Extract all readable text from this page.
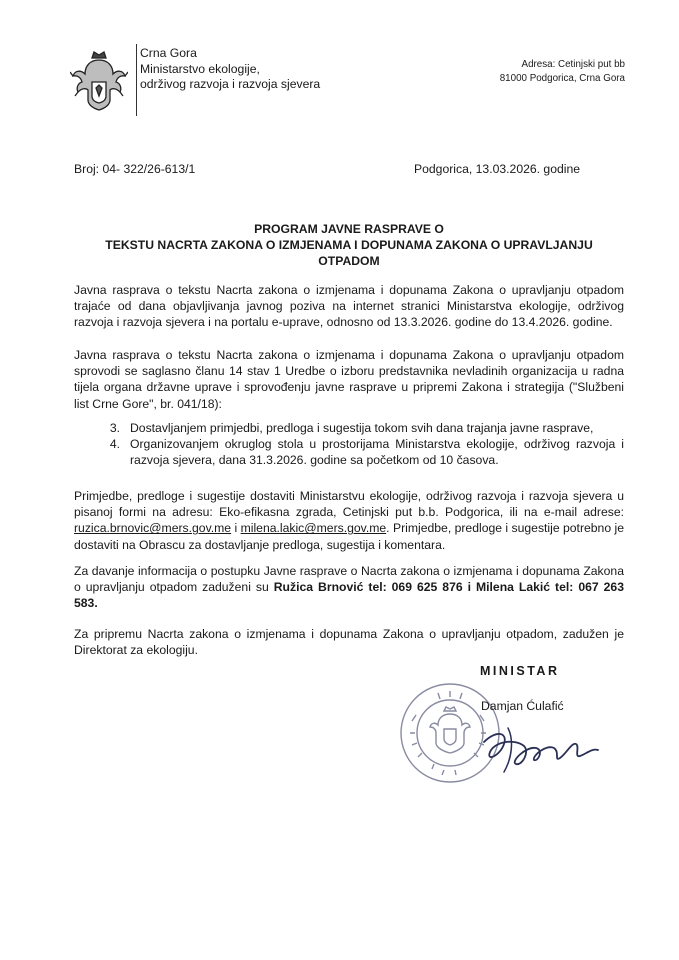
Crna Gora
Ministarstvo ekologije,
održivog razvoja i razvoja sjevera
Adresa: Cetinjski put bb
81000 Podgorica, Crna Gora
Broj: 04- 322/26-613/1	Podgorica, 13.03.2026. godine
PROGRAM JAVNE RASPRAVE O
TEKSTU NACRTA ZAKONA O IZMJENAMA I DOPUNAMA ZAKONA O UPRAVLJANJU
OTPADOM

Javna rasprava o tekstu Nacrta zakona o izmjenama i dopunama Zakona o upravljanju otpadom trajaće od dana objavljivanja javnog poziva na internet stranici Ministarstva ekologije, održivog razvoja i razvoja sjevera i na portalu e-uprave, odnosno od 13.3.2026. godine do 13.4.2026. godine.

Javna rasprava o tekstu Nacrta zakona o izmjenama i dopunama Zakona o upravljanju otpadom sprovodi se saglasno članu 14 stav 1 Uredbe o izboru predstavnika nevladinih organizacija u radna tijela organa državne uprave i sprovođenju javne rasprave u pripremi Zakona i strategija ("Službeni list Crne Gore", br. 041/18):

3. Dostavljanjem primjedbi, predloga i sugestija tokom svih dana trajanja javne rasprave,
4. Organizovanjem okruglog stola u prostorijama Ministarstva ekologije, održivog razvoja i razvoja sjevera, dana 31.3.2026. godine sa početkom od 10 časova.

Primjedbe, predloge i sugestije dostaviti Ministarstvu ekologije, održivog razvoja i razvoja sjevera u pisanoj formi na adresu: Eko-efikasna zgrada, Cetinjski put b.b. Podgorica, ili na e-mail adrese: ruzica.brnovic@mers.gov.me i milena.lakic@mers.gov.me. Primjedbe, predloge i sugestije potrebno je dostaviti na Obrascu za dostavljanje predloga, sugestija i komentara.

Za davanje informacija o postupku Javne rasprave o Nacrta zakona o izmjenama i dopunama Zakona o upravljanju otpadom zaduženi su Ružica Brnović tel: 069 625 876 i Milena Lakić tel: 067 263 583.

Za pripremu Nacrta zakona o izmjenama i dopunama Zakona o upravljanju otpadom, zadužen je Direktorat za ekologiju.

MINISTAR
Damjan Ćulafić
